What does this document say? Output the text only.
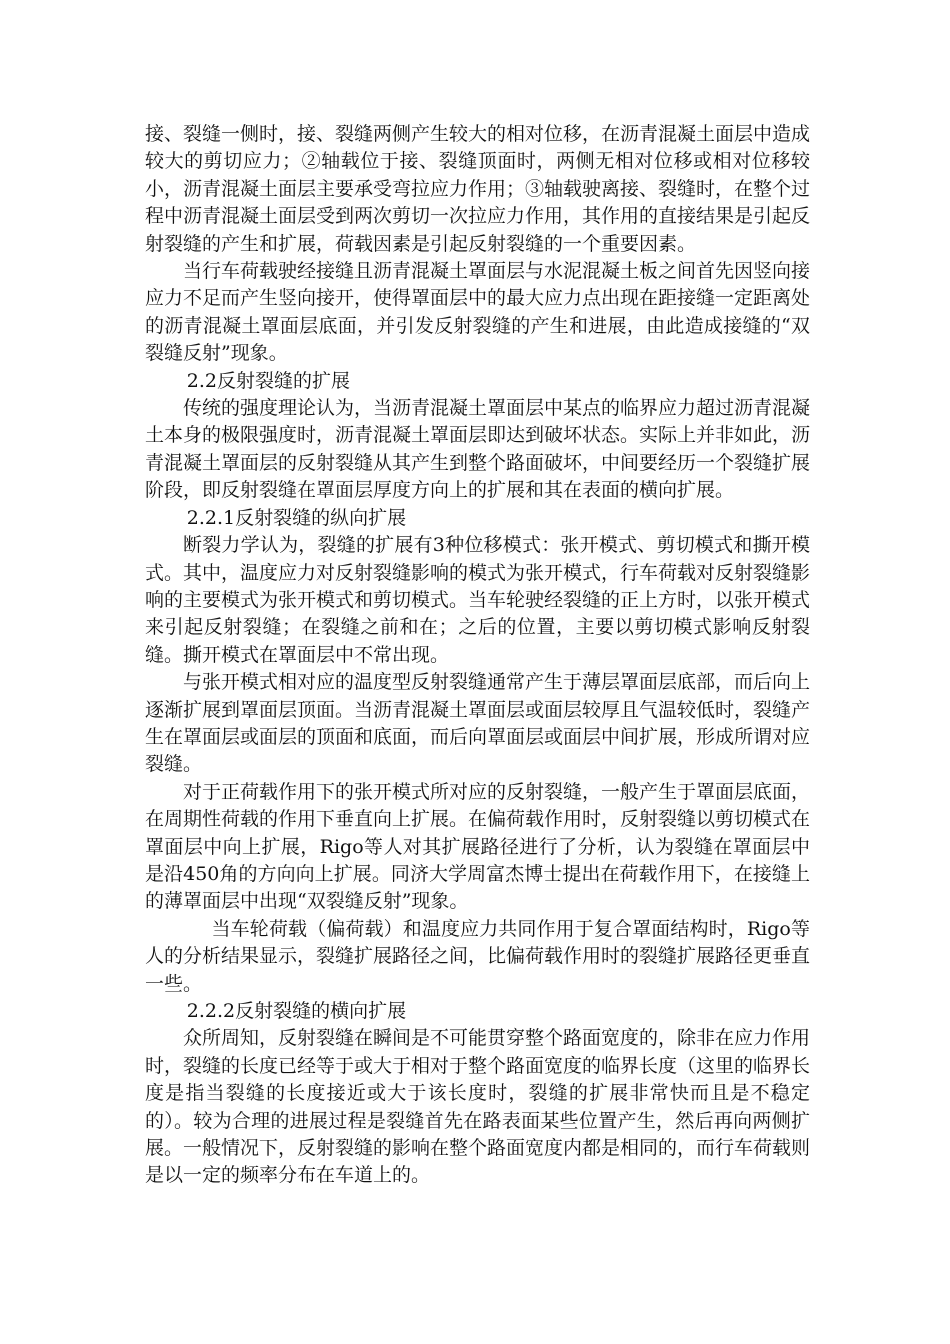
接、裂缝一侧时，接、裂缝两侧产生较大的相对位移，在沥青混凝土面层中造成较大的剪切应力；②轴载位于接、裂缝顶面时，两侧无相对位移或相对位移较小，沥青混凝土面层主要承受弯拉应力作用；③轴载驶离接、裂缝时，在整个过程中沥青混凝土面层受到两次剪切一次拉应力作用，其作用的直接结果是引起反射裂缝的产生和扩展，荷载因素是引起反射裂缝的一个重要因素。

当行车荷载驶经接缝且沥青混凝土罩面层与水泥混凝土板之间首先因竖向接应力不足而产生竖向接开，使得罩面层中的最大应力点出现在距接缝一定距离处的沥青混凝土罩面层底面，并引发反射裂缝的产生和进展，由此造成接缝的“双裂缝反射”现象。

2.2反射裂缝的扩展

传统的强度理论认为，当沥青混凝土罩面层中某点的临界应力超过沥青混凝土本身的极限强度时，沥青混凝土罩面层即达到破坏状态。实际上并非如此，沥青混凝土罩面层的反射裂缝从其产生到整个路面破坏，中间要经历一个裂缝扩展阶段，即反射裂缝在罩面层厚度方向上的扩展和其在表面的横向扩展。

2.2.1反射裂缝的纵向扩展

断裂力学认为，裂缝的扩展有3种位移模式：张开模式、剪切模式和撕开模式。其中，温度应力对反射裂缝影响的模式为张开模式，行车荷载对反射裂缝影响的主要模式为张开模式和剪切模式。当车轮驶经裂缝的正上方时，以张开模式来引起反射裂缝；在裂缝之前和在；之后的位置，主要以剪切模式影响反射裂缝。撕开模式在罩面层中不常出现。

与张开模式相对应的温度型反射裂缝通常产生于薄层罩面层底部，而后向上逐渐扩展到罩面层顶面。当沥青混凝土罩面层或面层较厚且气温较低时，裂缝产生在罩面层或面层的顶面和底面，而后向罩面层或面层中间扩展，形成所谓对应裂缝。

对于正荷载作用下的张开模式所对应的反射裂缝，一般产生于罩面层底面，在周期性荷载的作用下垂直向上扩展。在偏荷载作用时，反射裂缝以剪切模式在罩面层中向上扩展，Rigo等人对其扩展路径进行了分析，认为裂缝在罩面层中是沿450角的方向向上扩展。同济大学周富杰博士提出在荷载作用下，在接缝上的薄罩面层中出现“双裂缝反射”现象。

当车轮荷载（偏荷载）和温度应力共同作用于复合罩面结构时，Rigo等人的分析结果显示，裂缝扩展路径之间，比偏荷载作用时的裂缝扩展路径更垂直一些。

2.2.2反射裂缝的横向扩展

众所周知，反射裂缝在瞬间是不可能贯穿整个路面宽度的，除非在应力作用时，裂缝的长度已经等于或大于相对于整个路面宽度的临界长度（这里的临界长度是指当裂缝的长度接近或大于该长度时，裂缝的扩展非常快而且是不稳定的）。较为合理的进展过程是裂缝首先在路表面某些位置产生，然后再向两侧扩展。一般情况下，反射裂缝的影响在整个路面宽度内都是相同的，而行车荷载则是以一定的频率分布在车道上的。
